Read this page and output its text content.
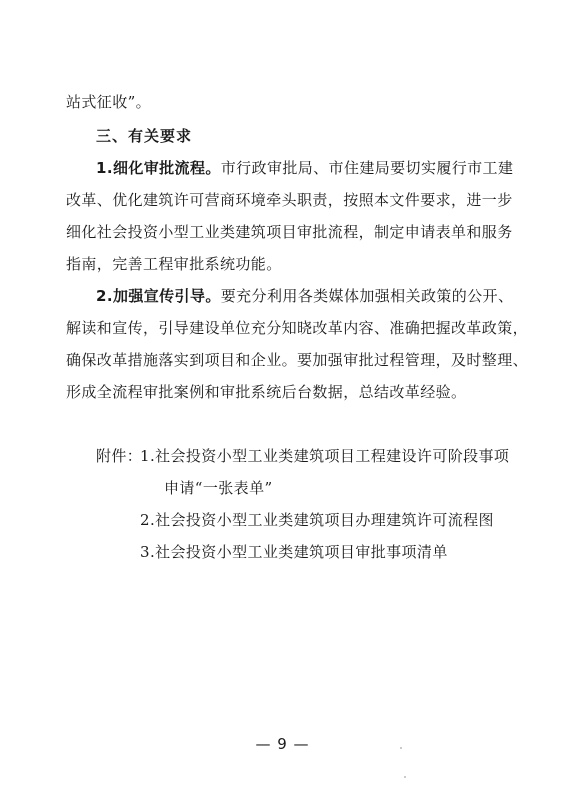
站式征收”。
三、有关要求
1.细化审批流程。市行政审批局、市住建局要切实履行市工建
改革、优化建筑许可营商环境牵头职责，按照本文件要求，进一步
细化社会投资小型工业类建筑项目审批流程，制定申请表单和服务
指南，完善工程审批系统功能。
2.加强宣传引导。要充分利用各类媒体加强相关政策的公开、
解读和宣传，引导建设单位充分知晓改革内容、准确把握改革政策，
确保改革措施落实到项目和企业。要加强审批过程管理，及时整理、
形成全流程审批案例和审批系统后台数据，总结改革经验。
附件：
1.社会投资小型工业类建筑项目工程建设许可阶段事项
申请“一张表单”
2.社会投资小型工业类建筑项目办理建筑许可流程图
3.社会投资小型工业类建筑项目审批事项清单
— 9 —
